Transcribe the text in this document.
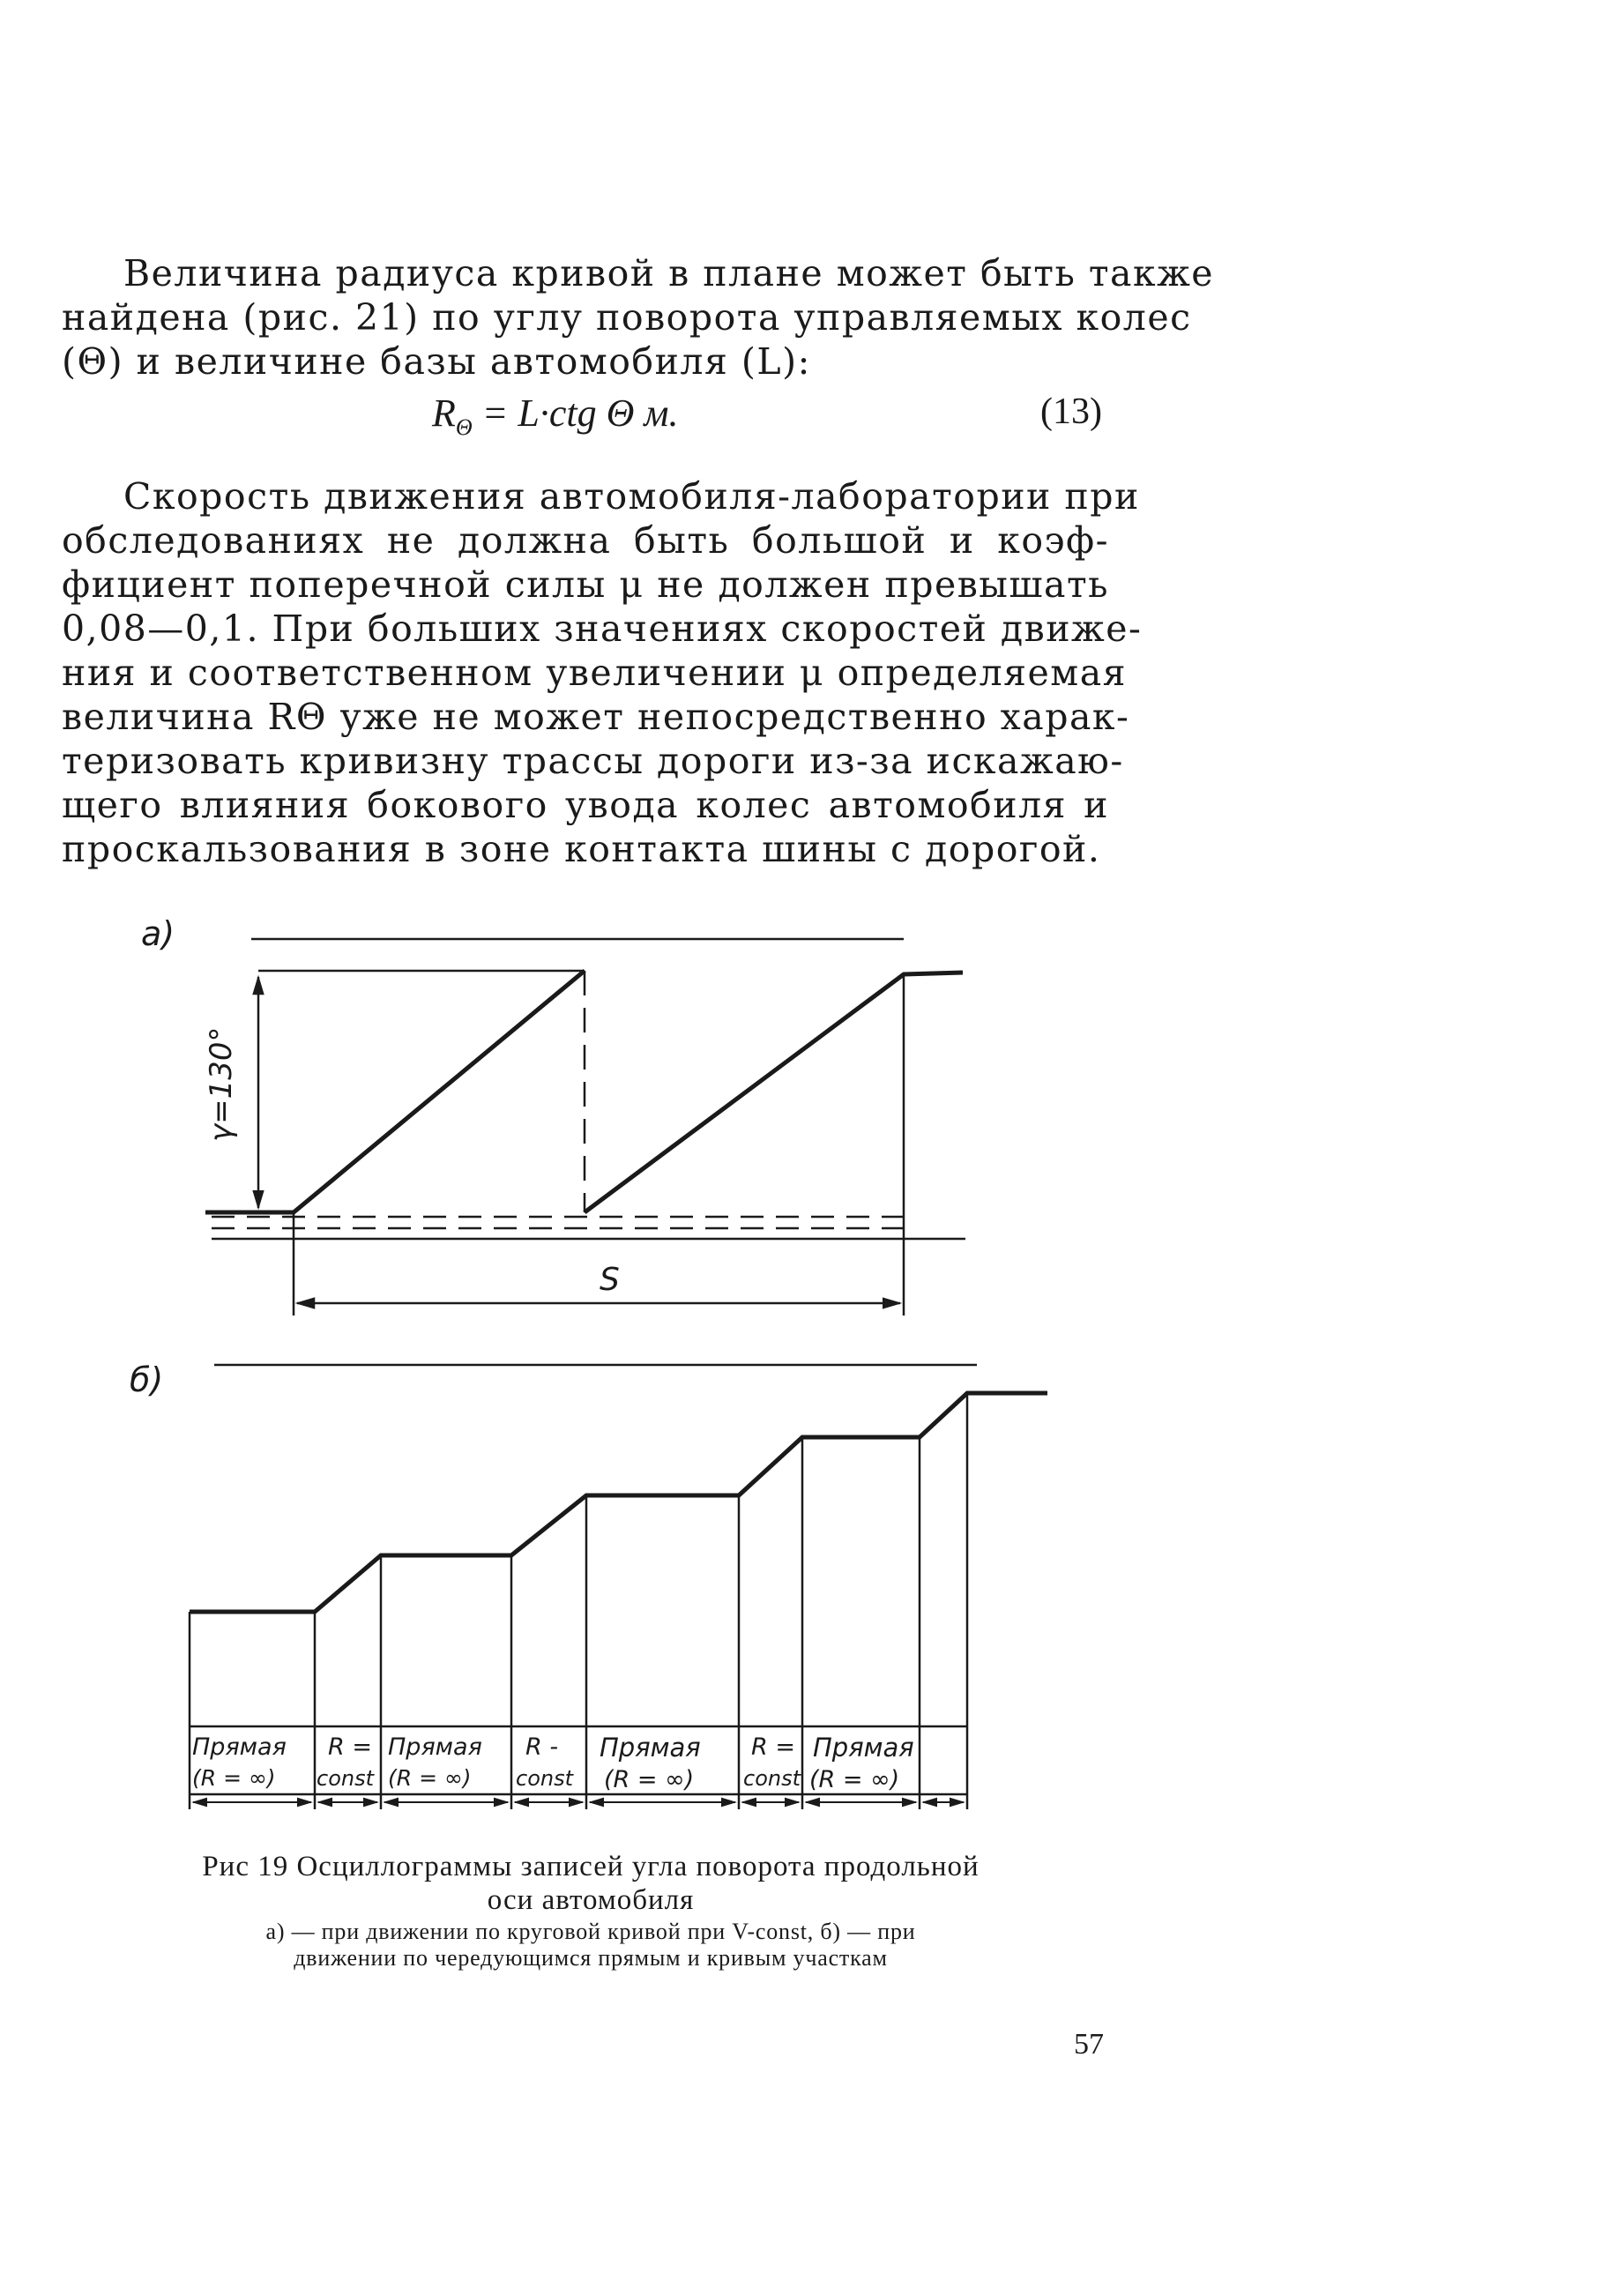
Величина радиуса кривой в плане может быть также
найдена (рис. 21) по углу поворота управляемых колес
(Θ) и величине базы автомобиля (L):
$R_\Theta = L\cdot ctg$ Θ м.	(13)
Скорость движения автомобиля-лаборатории при
обследованиях не должна быть большой и коэф-
фициент поперечной силы μ не должен превышать
0,08—0,1. При больших значениях скоростей движе-
ния и соответственном увеличении μ определяемая
величина RΘ уже не может непосредственно харак-
теризовать кривизну трассы дороги из-за искажаю-
щего влияния бокового увода колес автомобиля и
проскальзования в зоне контакта шины с дорогой.
а)
γ=130°
S
б)
Прямая
(R = ∞)
R =
const
Прямая
(R = ∞)
R -
const
Прямая
(R = ∞)
R =
const
Прямая
(R = ∞)
Рис 19 Осциллограммы записей угла поворота продольной
оси автомобиля
а) — при движении по круговой кривой при V-const, б) — при
движении по чередующимся прямым и кривым участкам
57
